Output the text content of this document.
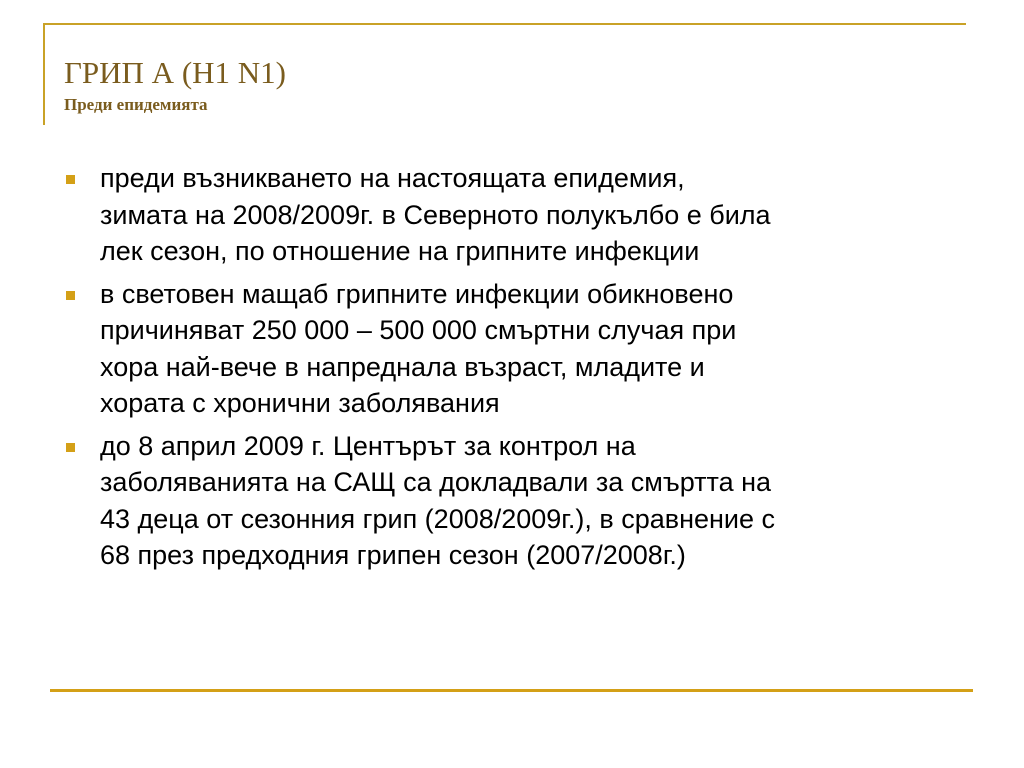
ГРИП А (H1 N1)
Преди епидемията
преди възникването на настоящата епидемия,
зимата на 2008/2009г. в Северното полукълбо е била
лек сезон, по отношение на грипните инфекции
в световен мащаб грипните инфекции обикновено
причиняват 250 000 – 500 000 смъртни случая при
хора най-вече в напреднала възраст, младите и
хората с хронични заболявания
до 8 април 2009 г. Центърът за контрол на
заболяванията на САЩ са докладвали за смъртта на
43 деца от сезонния грип (2008/2009г.), в сравнение с
68 през предходния грипен сезон (2007/2008г.)
